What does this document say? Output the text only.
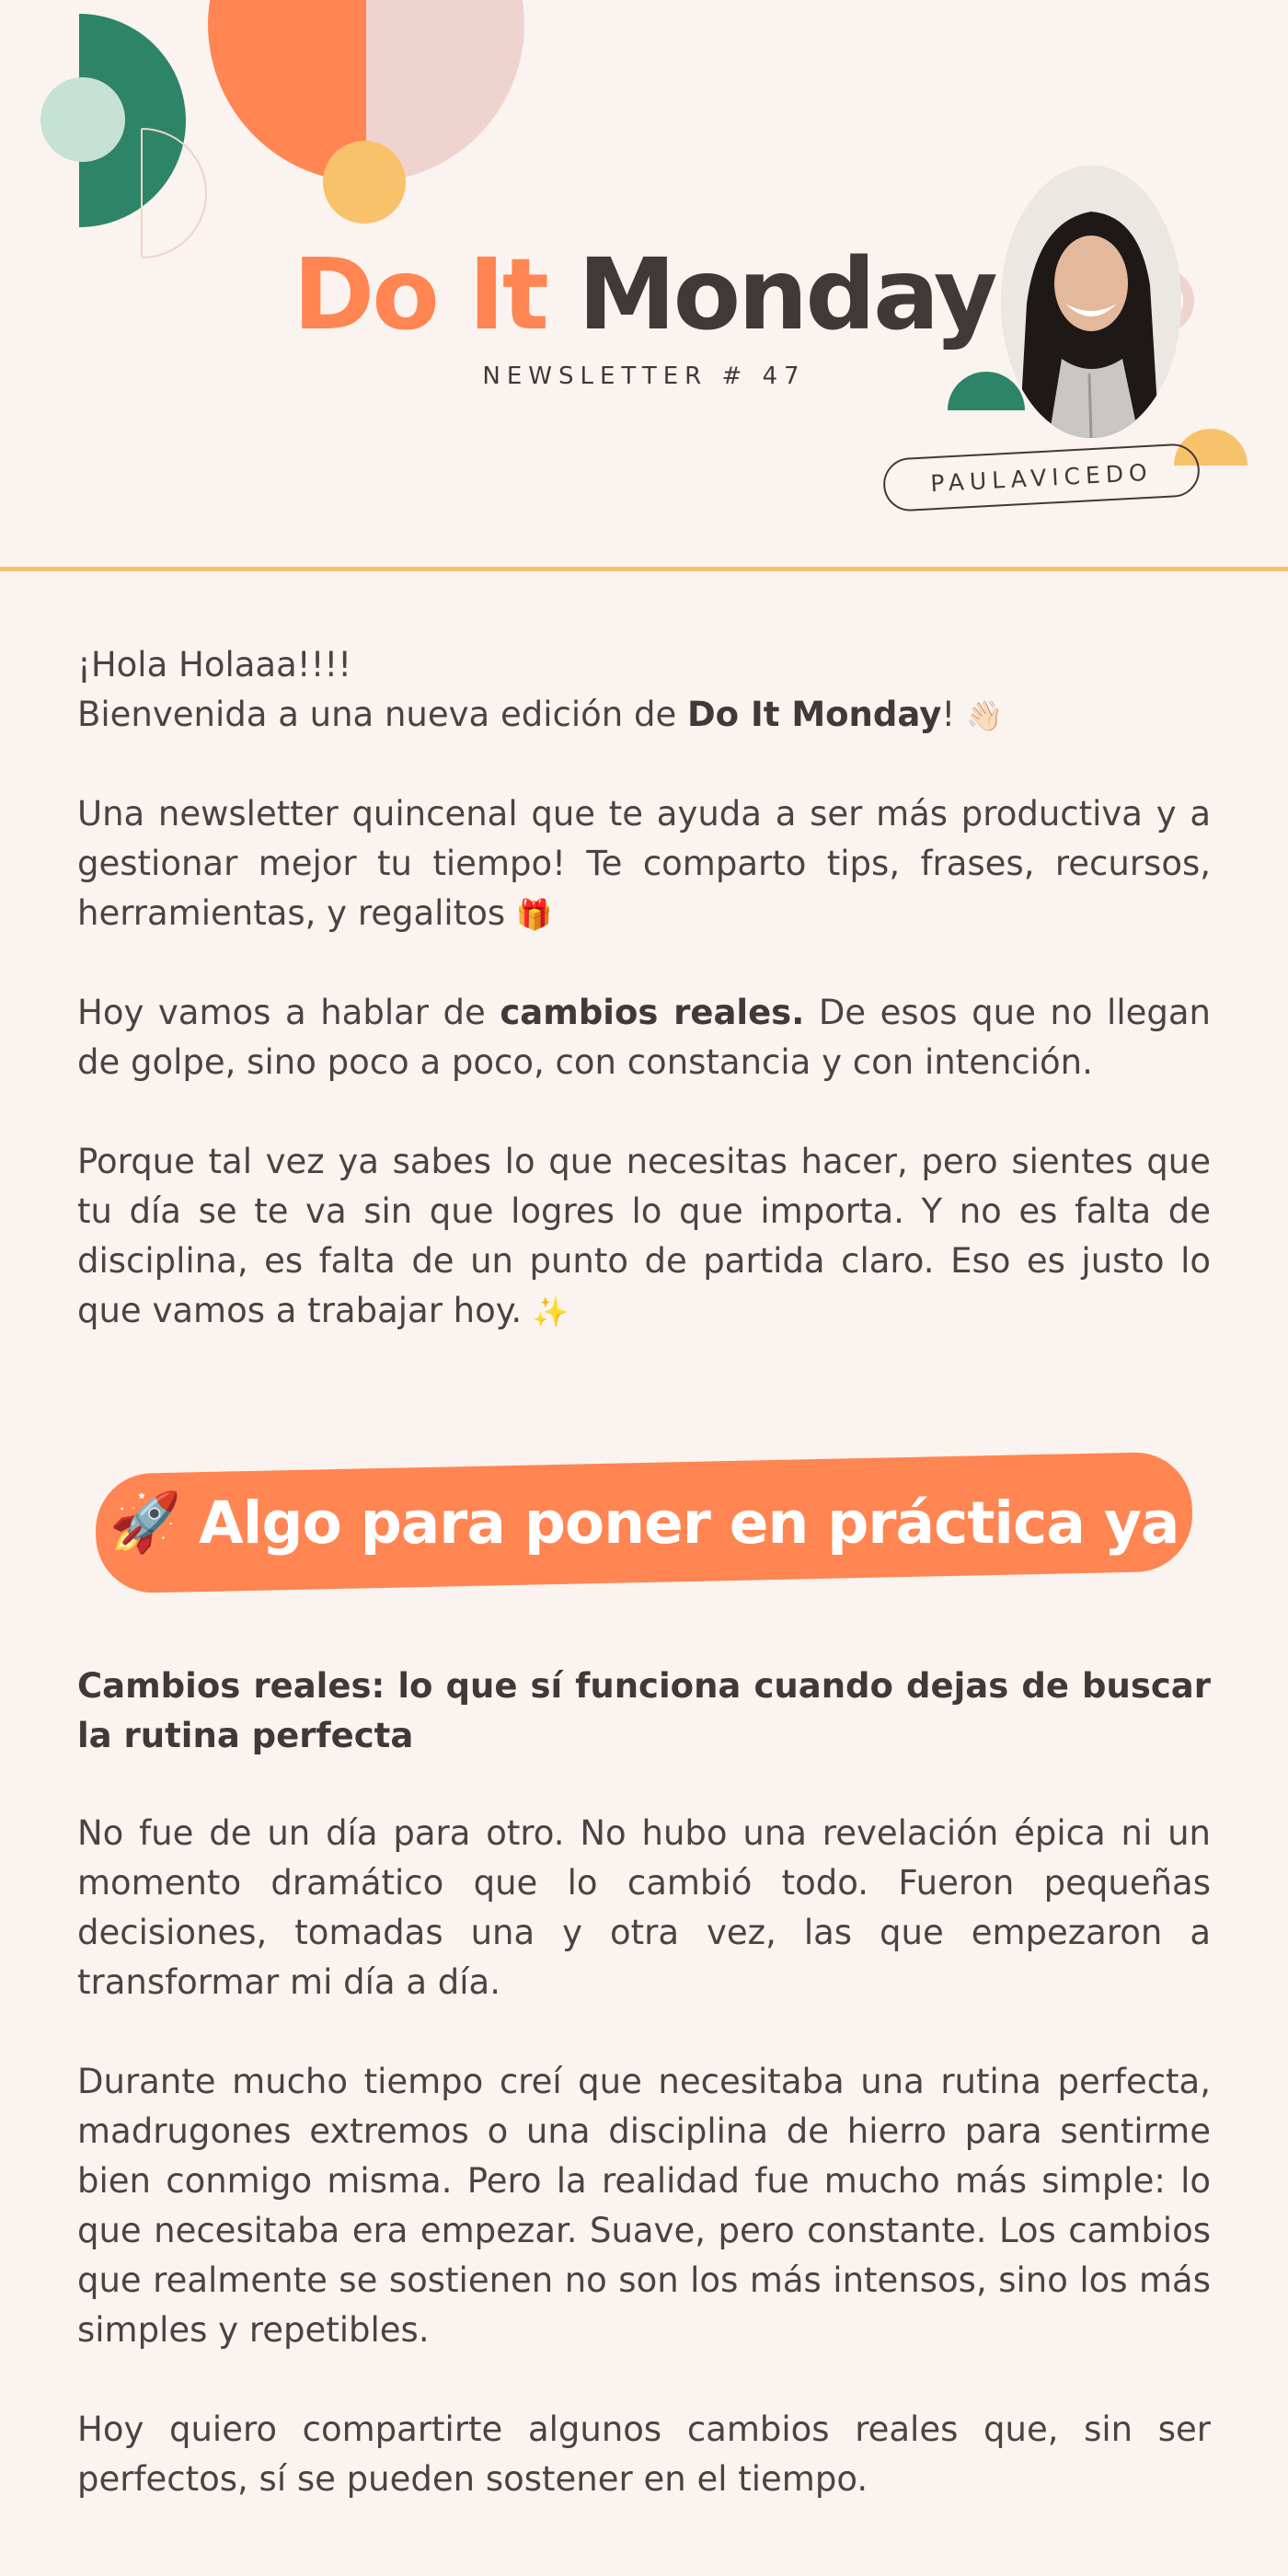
Do It Monday
NEWSLETTER # 47
PAULAVICEDO
¡Hola Holaaa!!!!
Bienvenida a una nueva edición de Do It Monday! 👋🏻
Una newsletter quincenal que te ayuda a ser más productiva y a gestionar mejor tu tiempo! Te comparto tips, frases, recursos, herramientas, y regalitos 🎁
Hoy vamos a hablar de cambios reales. De esos que no llegan de golpe, sino poco a poco, con constancia y con intención.
Porque tal vez ya sabes lo que necesitas hacer, pero sientes que tu día se te va sin que logres lo que importa. Y no es falta de disciplina, es falta de un punto de partida claro. Eso es justo lo que vamos a trabajar hoy. ✨
🚀 Algo para poner en práctica ya
Cambios reales: lo que sí funciona cuando dejas de buscar la rutina perfecta
No fue de un día para otro. No hubo una revelación épica ni un momento dramático que lo cambió todo. Fueron pequeñas decisiones, tomadas una y otra vez, las que empezaron a transformar mi día a día.
Durante mucho tiempo creí que necesitaba una rutina perfecta, madrugones extremos o una disciplina de hierro para sentirme bien conmigo misma. Pero la realidad fue mucho más simple: lo que necesitaba era empezar. Suave, pero constante. Los cambios que realmente se sostienen no son los más intensos, sino los más simples y repetibles.
Hoy quiero compartirte algunos cambios reales que, sin ser perfectos, sí se pueden sostener en el tiempo.
